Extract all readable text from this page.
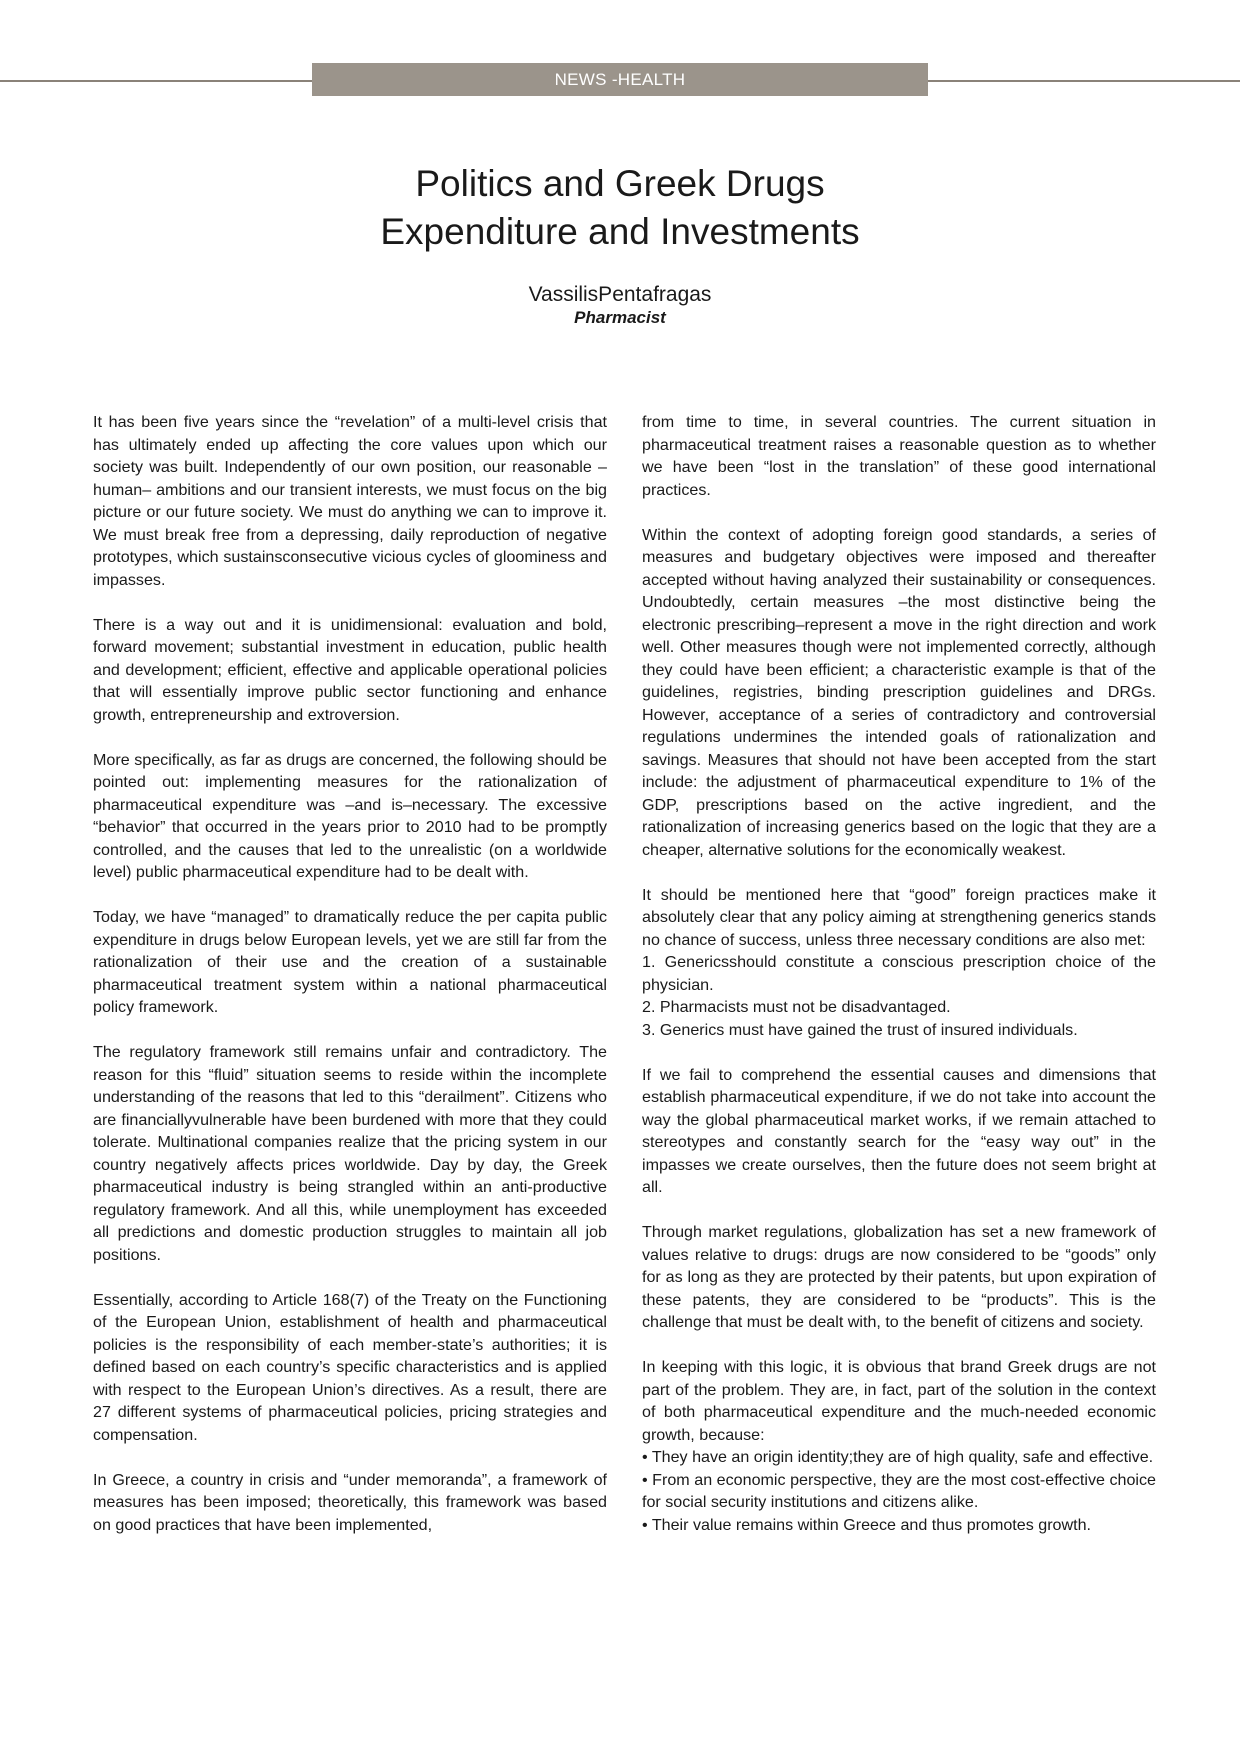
NEWS -HEALTH
Politics and Greek Drugs
Expenditure and Investments
VassilisPentafragas
Pharmacist

It has been five years since the “revelation” of a multi-level crisis that has ultimately ended up affecting the core values upon which our society was built. Independently of our own position, our reasonable –human– ambitions and our transient interests, we must focus on the big picture or our future society. We must do anything we can to improve it. We must break free from a depressing, daily reproduction of negative prototypes, which sustainsconsecutive vicious cycles of gloominess and impasses.

There is a way out and it is unidimensional: evaluation and bold, forward movement; substantial investment in education, public health and development; efficient, effective and applicable operational policies that will essentially improve public sector functioning and enhance growth, entrepreneurship and extroversion.

More specifically, as far as drugs are concerned, the following should be pointed out: implementing measures for the rationalization of pharmaceutical expenditure was –and is–necessary. The excessive “behavior” that occurred in the years prior to 2010 had to be promptly controlled, and the causes that led to the unrealistic (on a worldwide level) public pharmaceutical expenditure had to be dealt with.

Today, we have “managed” to dramatically reduce the per capita public expenditure in drugs below European levels, yet we are still far from the rationalization of their use and the creation of a sustainable pharmaceutical treatment system within a national pharmaceutical policy framework.

The regulatory framework still remains unfair and contradictory. The reason for this “fluid” situation seems to reside within the incomplete understanding of the reasons that led to this “derailment”. Citizens who are financiallyvulnerable have been burdened with more that they could tolerate. Multinational companies realize that the pricing system in our country negatively affects prices worldwide. Day by day, the Greek pharmaceutical industry is being strangled within an anti-productive regulatory framework. And all this, while unemployment has exceeded all predictions and domestic production struggles to maintain all job positions.

Essentially, according to Article 168(7) of the Treaty on the Functioning of the European Union, establishment of health and pharmaceutical policies is the responsibility of each member-state’s authorities; it is defined based on each country’s specific characteristics and is applied with respect to the European Union’s directives. As a result, there are 27 different systems of pharmaceutical policies, pricing strategies and compensation.

In Greece, a country in crisis and “under memoranda”, a framework of measures has been imposed; theoretically, this framework was based on good practices that have been implemented,

from time to time, in several countries. The current situation in pharmaceutical treatment raises a reasonable question as to whether we have been “lost in the translation” of these good international practices.

Within the context of adopting foreign good standards, a series of measures and budgetary objectives were imposed and thereafter accepted without having analyzed their sustainability or consequences. Undoubtedly, certain measures –the most distinctive being the electronic prescribing–represent a move in the right direction and work well. Other measures though were not implemented correctly, although they could have been efficient; a characteristic example is that of the guidelines, registries, binding prescription guidelines and DRGs. However, acceptance of a series of contradictory and controversial regulations undermines the intended goals of rationalization and savings. Measures that should not have been accepted from the start include: the adjustment of pharmaceutical expenditure to 1% of the GDP, prescriptions based on the active ingredient, and the rationalization of increasing generics based on the logic that they are a cheaper, alternative solutions for the economically weakest.

It should be mentioned here that “good” foreign practices make it absolutely clear that any policy aiming at strengthening generics stands no chance of success, unless three necessary conditions are also met:

1. Genericsshould constitute a conscious prescription choice of the physician.

2. Pharmacists must not be disadvantaged.

3. Generics must have gained the trust of insured individuals.

If we fail to comprehend the essential causes and dimensions that establish pharmaceutical expenditure, if we do not take into account the way the global pharmaceutical market works, if we remain attached to stereotypes and constantly search for the “easy way out” in the impasses we create ourselves, then the future does not seem bright at all.

Through market regulations, globalization has set a new framework of values relative to drugs: drugs are now considered to be “goods” only for as long as they are protected by their patents, but upon expiration of these patents, they are considered to be “products”. This is the challenge that must be dealt with, to the benefit of citizens and society.

In keeping with this logic, it is obvious that brand Greek drugs are not part of the problem. They are, in fact, part of the solution in the context of both pharmaceutical expenditure and the much-needed economic growth, because:

• They have an origin identity;they are of high quality, safe and effective.

• From an economic perspective, they are the most cost-effective choice for social security institutions and citizens alike.

• Their value remains within Greece and thus promotes growth.
